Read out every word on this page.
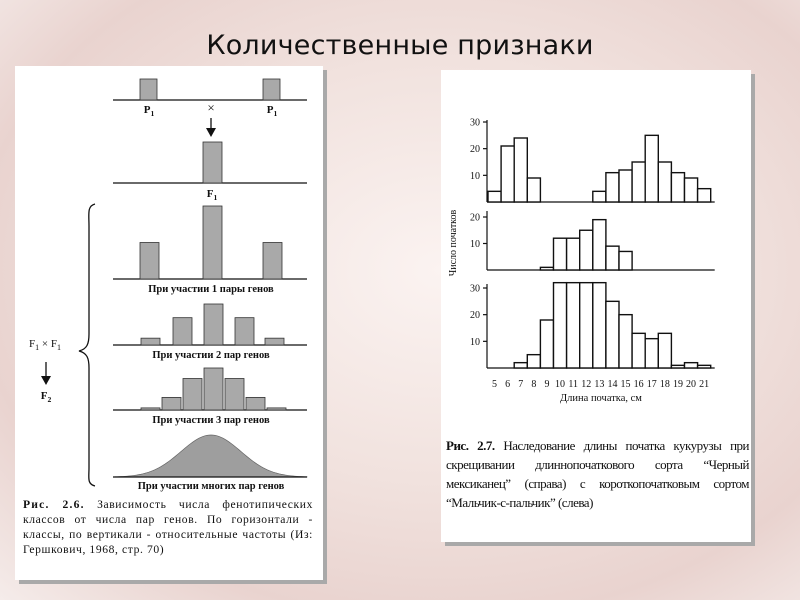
Количественные признаки
$P_1$	$P_1$
×
$F_1$
$F_1 \times F_1$
$F_2$
При участии 1 пары генов
При участии 2 пар генов
При участии 3 пар генов
При участии многих пар генов
Рис. 2.6. Зависимость числа фенотипических классов от числа пар генов. По горизонтали - классы, по вертикали - относительные частоты (Из: Гершкович, 1968, стр. 70)
10
20
30
10
20
10
20
30
5 6 7 8 9 10 11 12 13 14 15 16 17 18 19 20 21
Длина початка, см
Число початков
Рис. 2.7. Наследование длины початка кукурузы при скрещивании длиннопочаткового сорта “Черный мексиканец” (справа) с короткопочатковым сортом “Мальчик-с-пальчик” (слева)
